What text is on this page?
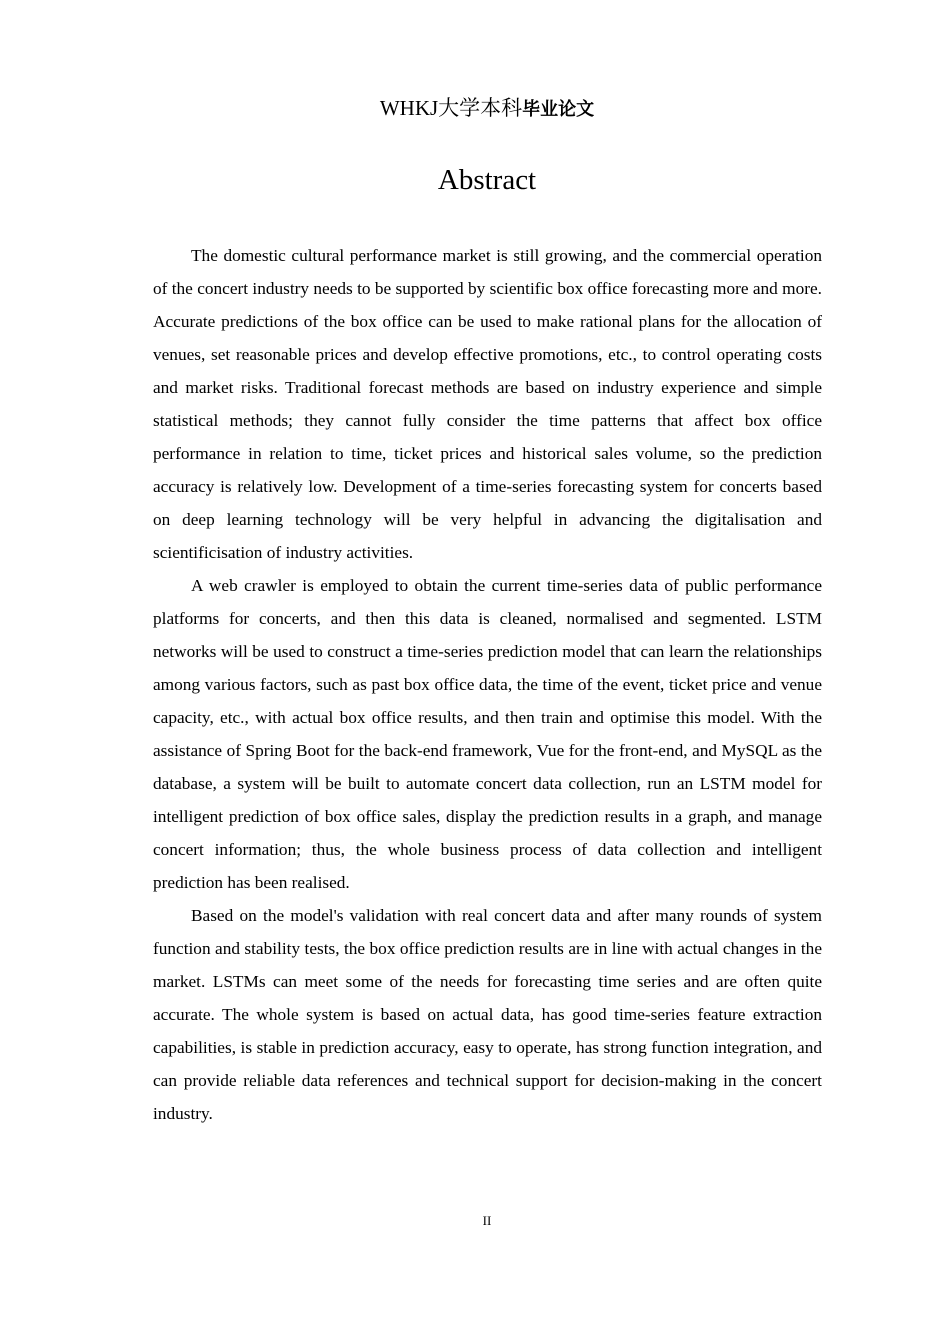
WHKJ大学本科毕业论文
Abstract

The domestic cultural performance market is still growing, and the commercial operation of the concert industry needs to be supported by scientific box office forecasting more and more. Accurate predictions of the box office can be used to make rational plans for the allocation of venues, set reasonable prices and develop effective promotions, etc., to control operating costs and market risks. Traditional forecast methods are based on industry experience and simple statistical methods; they cannot fully consider the time patterns that affect box office performance in relation to time, ticket prices and historical sales volume, so the prediction accuracy is relatively low. Development of a time-series forecasting system for concerts based on deep learning technology will be very helpful in advancing the digitalisation and scientificisation of industry activities.

A web crawler is employed to obtain the current time-series data of public performance platforms for concerts, and then this data is cleaned, normalised and segmented. LSTM networks will be used to construct a time-series prediction model that can learn the relationships among various factors, such as past box office data, the time of the event, ticket price and venue capacity, etc., with actual box office results, and then train and optimise this model. With the assistance of Spring Boot for the back-end framework, Vue for the front-end, and MySQL as the database, a system will be built to automate concert data collection, run an LSTM model for intelligent prediction of box office sales, display the prediction results in a graph, and manage concert information; thus, the whole business process of data collection and intelligent prediction has been realised.

Based on the model's validation with real concert data and after many rounds of system function and stability tests, the box office prediction results are in line with actual changes in the market. LSTMs can meet some of the needs for forecasting time series and are often quite accurate. The whole system is based on actual data, has good time-series feature extraction capabilities, is stable in prediction accuracy, easy to operate, has strong function integration, and can provide reliable data references and technical support for decision-making in the concert industry.

II
